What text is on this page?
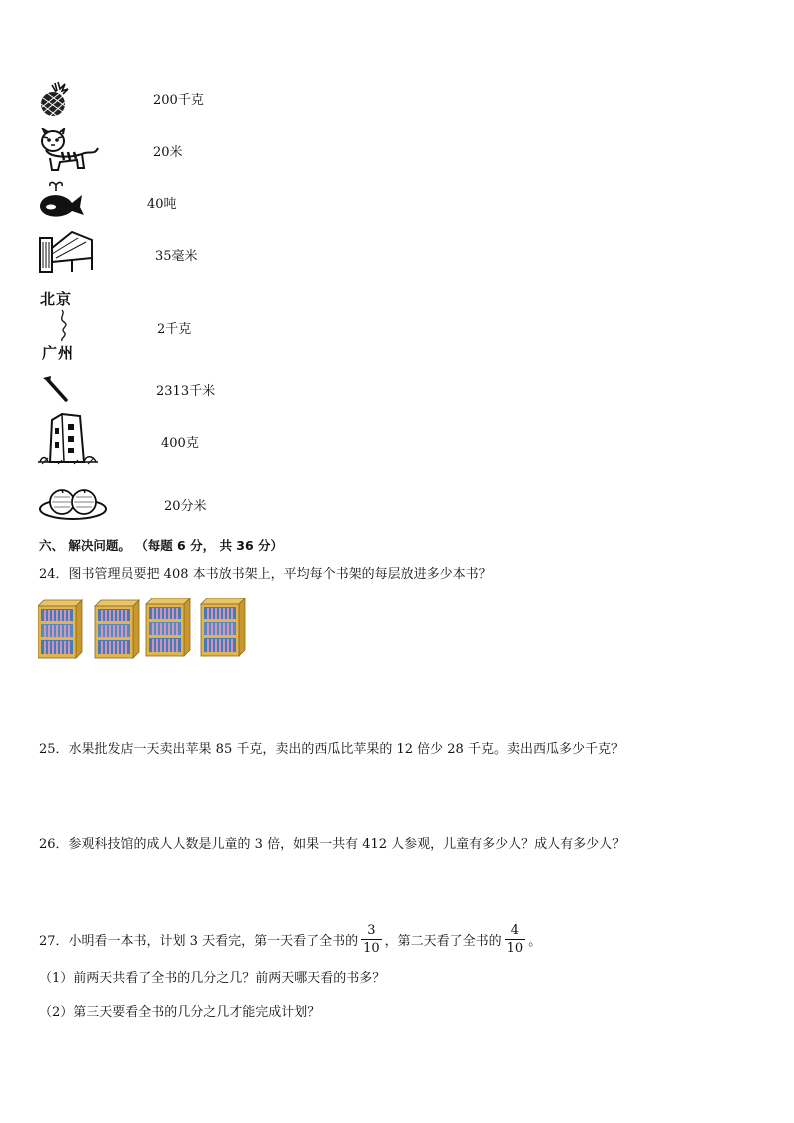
北京
广州
200千克
20米
40吨
35毫米
2千克
2313千米
400克
20分米
六、 解决问题。 （每题 6 分， 共 36 分）
24．图书管理员要把 408 本书放书架上，平均每个书架的每层放进多少本书？
25．水果批发店一天卖出苹果 85 千克，卖出的西瓜比苹果的 12 倍少 28 千克。卖出西瓜多少千克？
26．参观科技馆的成人人数是儿童的 3 倍，如果一共有 412 人参观，儿童有多少人？成人有多少人？
27．小明看一本书，计划 3 天看完，第一天看了全书的 $\frac{3}{10}$ ，第二天看了全书的 $\frac{4}{10}$ 。
（1）前两天共看了全书的几分之几？前两天哪天看的书多？
（2）第三天要看全书的几分之几才能完成计划？
